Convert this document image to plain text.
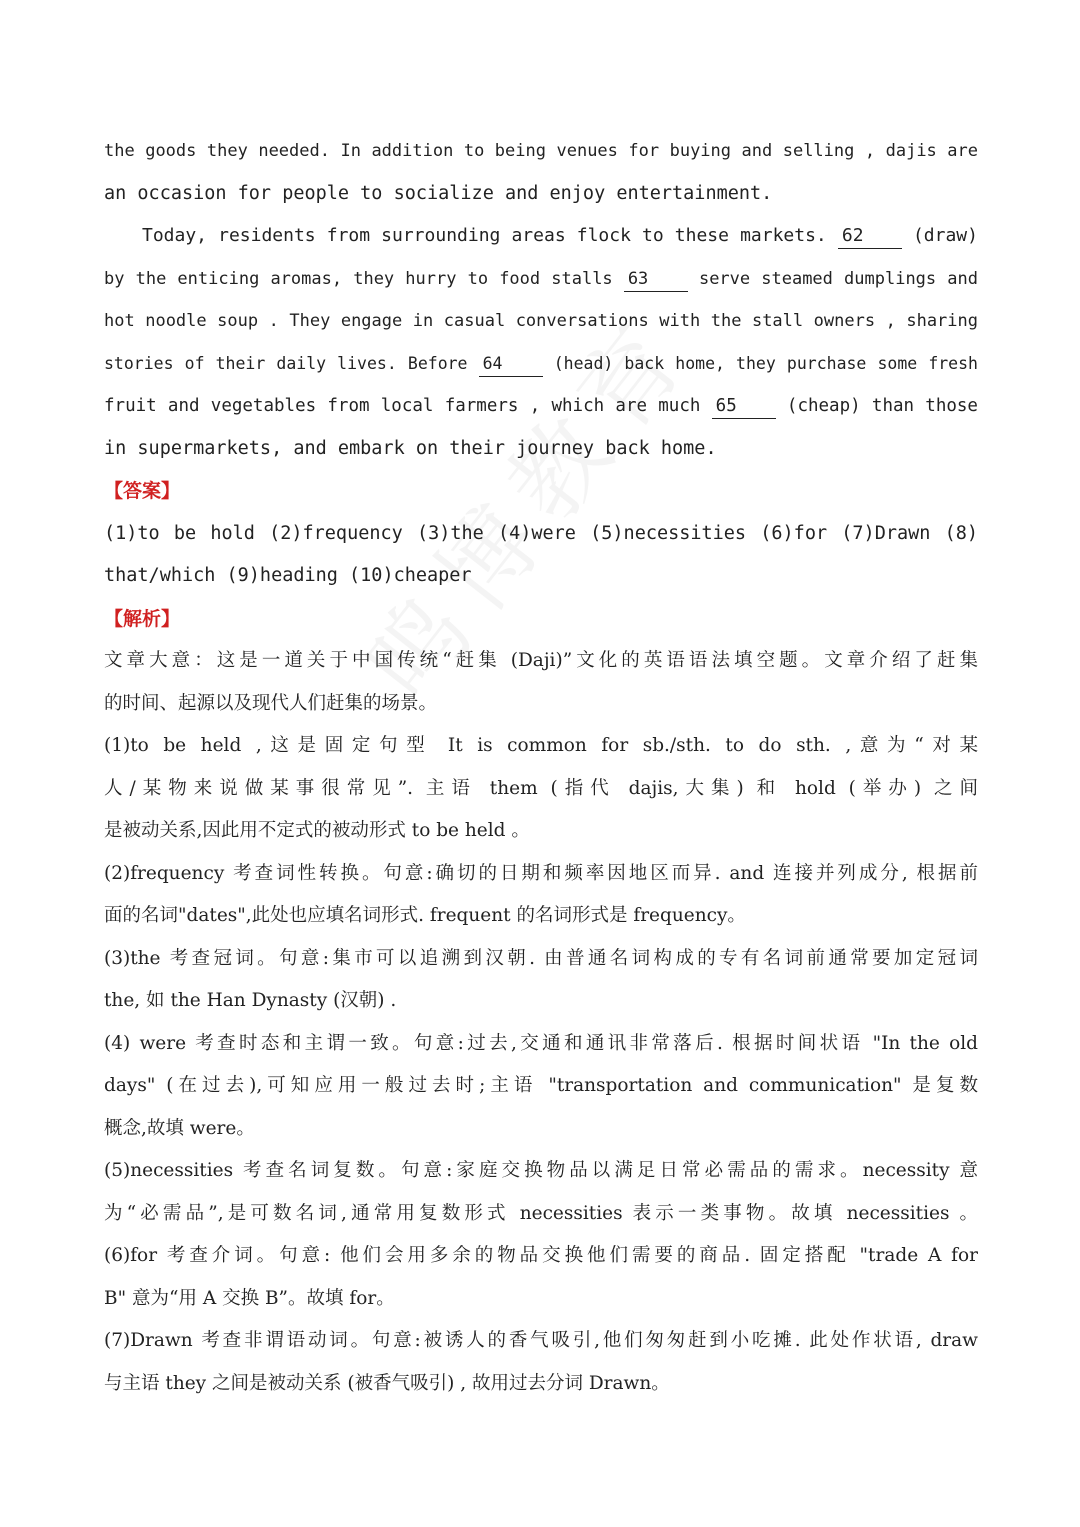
the goods they needed. In addition to being venues for buying and selling , dajis are
an occasion for people to socialize and enjoy entertainment.
Today, residents from surrounding areas flock to these markets. 62	(draw)
by the enticing aromas, they hurry to food stalls 63	serve steamed dumplings and
hot noodle soup . They engage in casual conversations with the stall owners , sharing
stories of their daily lives. Before 64	(head) back home, they purchase some fresh
fruit and vegetables from local farmers , which are much 65	(cheap) than those
in supermarkets, and embark on their journey back home.
【答案】
(1)to be hold (2)frequency (3)the (4)were (5)necessities (6)for (7)Drawn (8)
that/which (9)heading (10)cheaper
【解析】
文章大意：这是一道关于中国传统“赶集 (Daji)”文化的英语语法填空题。文章介绍了赶集
的时间、起源以及现代人们赶集的场景。
(1)to be held ,这是固定句型 It is common for sb./sth. to do sth. ,意为“对某
人/某物来说做某事很常见”. 主语 them (指代 dajis,大集) 和 hold (举办) 之间
是被动关系,因此用不定式的被动形式 to be held 。
(2)frequency 考查词性转换。句意:确切的日期和频率因地区而异. and 连接并列成分, 根据前
面的名词"dates",此处也应填名词形式. frequent 的名词形式是 frequency。
(3)the 考查冠词。句意:集市可以追溯到汉朝. 由普通名词构成的专有名词前通常要加定冠词
the, 如 the Han Dynasty (汉朝) .
(4) were 考查时态和主谓一致。句意:过去,交通和通讯非常落后. 根据时间状语 "In the old
days" (在过去),可知应用一般过去时;主语 "transportation and communication" 是复数
概念,故填 were。
(5)necessities 考查名词复数。句意:家庭交换物品以满足日常必需品的需求。necessity 意
为“必需品”,是可数名词,通常用复数形式 necessities 表示一类事物。故填 necessities 。
(6)for 考查介词。句意: 他们会用多余的物品交换他们需要的商品. 固定搭配 "trade A for
B" 意为“用 A 交换 B”。故填 for。
(7)Drawn 考查非谓语动词。句意:被诱人的香气吸引,他们匆匆赶到小吃摊. 此处作状语, draw
与主语 they 之间是被动关系 (被香气吸引) , 故用过去分词 Drawn。
